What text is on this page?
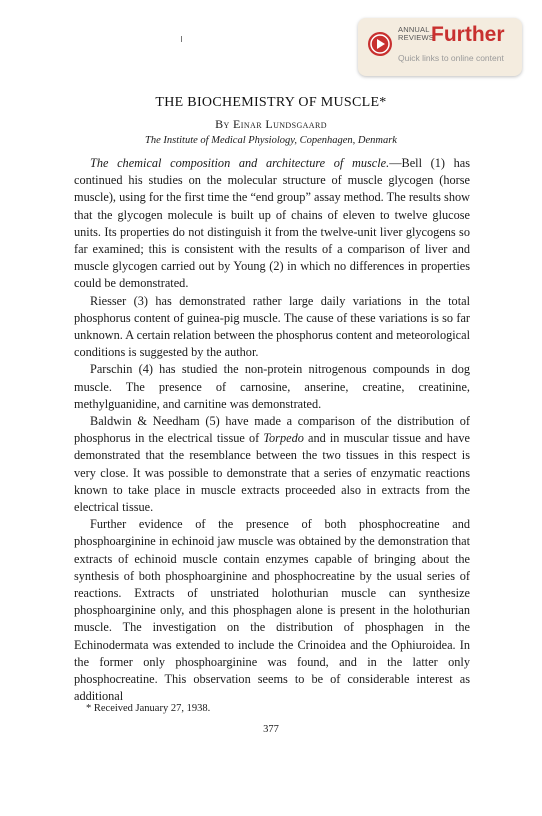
ANNUAL
REVIEWS
Further
Quick links to online content
THE BIOCHEMISTRY OF MUSCLE*
By Einar Lundsgaard
The Institute of Medical Physiology, Copenhagen, Denmark

The chemical composition and architecture of muscle.—Bell (1) has continued his studies on the molecular structure of muscle glycogen (horse muscle), using for the first time the “end group” assay method. The results show that the glycogen molecule is built up of chains of eleven to twelve glucose units. Its properties do not distinguish it from the twelve-unit liver glycogens so far examined; this is consistent with the results of a comparison of liver and muscle glycogen carried out by Young (2) in which no differences in properties could be demonstrated.

Riesser (3) has demonstrated rather large daily variations in the total phosphorus content of guinea-pig muscle. The cause of these variations is so far unknown. A certain relation between the phosphorus content and meteorological conditions is suggested by the author.

Parschin (4) has studied the non-protein nitrogenous compounds in dog muscle. The presence of carnosine, anserine, creatine, creatinine, methylguanidine, and carnitine was demonstrated.

Baldwin & Needham (5) have made a comparison of the distribution of phosphorus in the electrical tissue of Torpedo and in muscular tissue and have demonstrated that the resemblance between the two tissues in this respect is very close. It was possible to demonstrate that a series of enzymatic reactions known to take place in muscle extracts proceeded also in extracts from the electrical tissue.

Further evidence of the presence of both phosphocreatine and phosphoarginine in echinoid jaw muscle was obtained by the demonstration that extracts of echinoid muscle contain enzymes capable of bringing about the synthesis of both phosphoarginine and phosphocreatine by the usual series of reactions. Extracts of unstriated holothurian muscle can synthesize phosphoarginine only, and this phosphagen alone is present in the holothurian muscle. The investigation on the distribution of phosphagen in the Echinodermata was extended to include the Crinoidea and the Ophiuroidea. In the former only phosphoarginine was found, and in the latter only phosphocreatine. This observation seems to be of considerable interest as additional

* Received January 27, 1938.
377
